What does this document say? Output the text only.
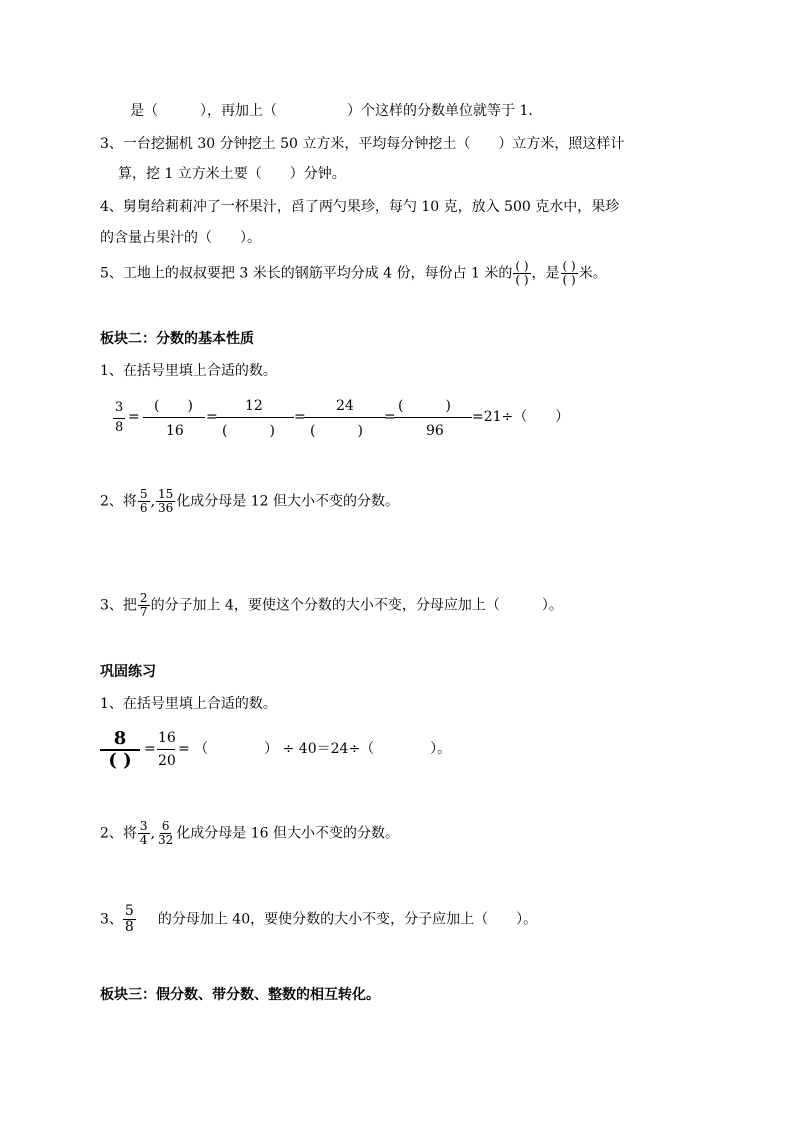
是（　　　），再加上（　　　　　）个这样的分数单位就等于 1.
3、一台挖掘机 30 分钟挖土 50 立方米，平均每分钟挖土（　　）立方米，照这样计
算，挖 1 立方米土要（　　）分钟。
4、舅舅给莉莉冲了一杯果汁，舀了两勺果珍，每勺 10 克，放入 500 克水中，果珍
的含量占果汁的（　　）。
5、工地上的叔叔要把 3 米长的钢筋平均分成 4 份，每份占 1 米的 $\frac{( )}{( )}$ ，是 $\frac{( )}{( )}$ 米。
板块二：分数的基本性质
1、在括号里填上合适的数。
3
8
=
(　　)
16
=
12
(　　　)
=
24
(　　　)
=
(　　　)
96
=21÷（　　）
2、将 $\frac{5}{6}$ , $\frac{15}{36}$ 化成分母是 12 但大小不变的分数。
3、把 $\frac{2}{7}$ 的分子加上 4，要使这个分数的大小不变，分母应加上（　　　）。
巩固练习
1、在括号里填上合适的数。
8
( )
=
16
20
= （　　　　） ÷ 40＝24÷（　　　　）。
2、将 $\frac{3}{4}$ , $\frac{6}{32}$ 化成分母是 16 但大小不变的分数。
3、 $\frac{5}{8}$ 的分母加上 40，要使分数的大小不变，分子应加上（　　）。
板块三：假分数、带分数、整数的相互转化。
